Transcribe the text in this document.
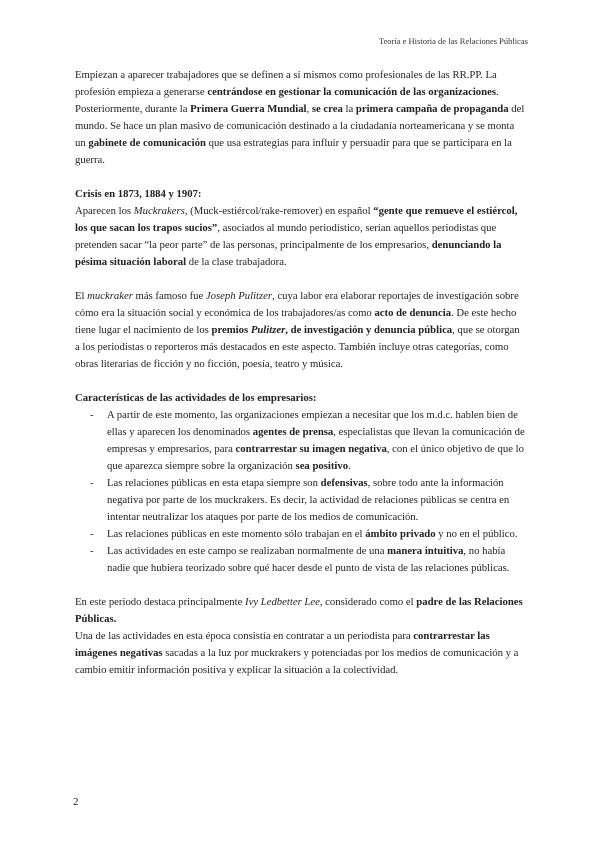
Teoría e Historia de las Relaciones Públicas

Empiezan a aparecer trabajadores que se definen a sí mismos como profesionales de las RR.PP. La profesión empieza a generarse centrándose en gestionar la comunicación de las organizaciones.

Posteriormente, durante la Primera Guerra Mundial, se crea la primera campaña de propaganda del mundo. Se hace un plan masivo de comunicación destinado a la ciudadanía norteamericana y se monta un gabinete de comunicación que usa estrategias para influir y persuadir para que se participara en la guerra.

Crisis en 1873, 1884 y 1907:

Aparecen los Muckrakers, (Muck-estiércol/rake-remover) en español “gente que remueve el estiércol, los que sacan los trapos sucios”, asociados al mundo periodístico, serían aquellos periodistas que pretenden sacar “la peor parte” de las personas, principalmente de los empresarios, denunciando la pésima situación laboral de la clase trabajadora.

El muckraker más famoso fue Joseph Pulitzer, cuya labor era elaborar reportajes de investigación sobre cómo era la situación social y económica de los trabajadores/as como acto de denuncia. De este hecho tiene lugar el nacimiento de los premios Pulitzer, de investigación y denuncia pública, que se otorgan a los periodistas o reporteros más destacados en este aspecto. También incluye otras categorías, como obras literarias de ficción y no ficción, poesía, teatro y música.

Características de las actividades de los empresarios:

- A partir de este momento, las organizaciones empiezan a necesitar que los m.d.c. hablen bien de ellas y aparecen los denominados agentes de prensa, especialistas que llevan la comunicación de empresas y empresarios, para contrarrestar su imagen negativa, con el único objetivo de que lo que aparezca siempre sobre la organización sea positivo.
- Las relaciones públicas en esta etapa siempre son defensivas, sobre todo ante la información negativa por parte de los muckrakers. Es decir, la actividad de relaciones públicas se centra en intentar neutralizar los ataques por parte de los medios de comunicación.
- Las relaciones públicas en este momento sólo trabajan en el ámbito privado y no en el público.
- Las actividades en este campo se realizaban normalmente de una manera intuitiva, no había nadie que hubiera teorizado sobre qué hacer desde el punto de vista de las relaciones públicas.

En este periodo destaca principalmente Ivy Ledbetter Lee, considerado como el padre de las Relaciones Públicas.

Una de las actividades en esta época consistía en contratar a un periodista para contrarrestar las imágenes negativas sacadas a la luz por muckrakers y potenciadas por los medios de comunicación y a cambio emitir información positiva y explicar la situación a la colectividad.

2
